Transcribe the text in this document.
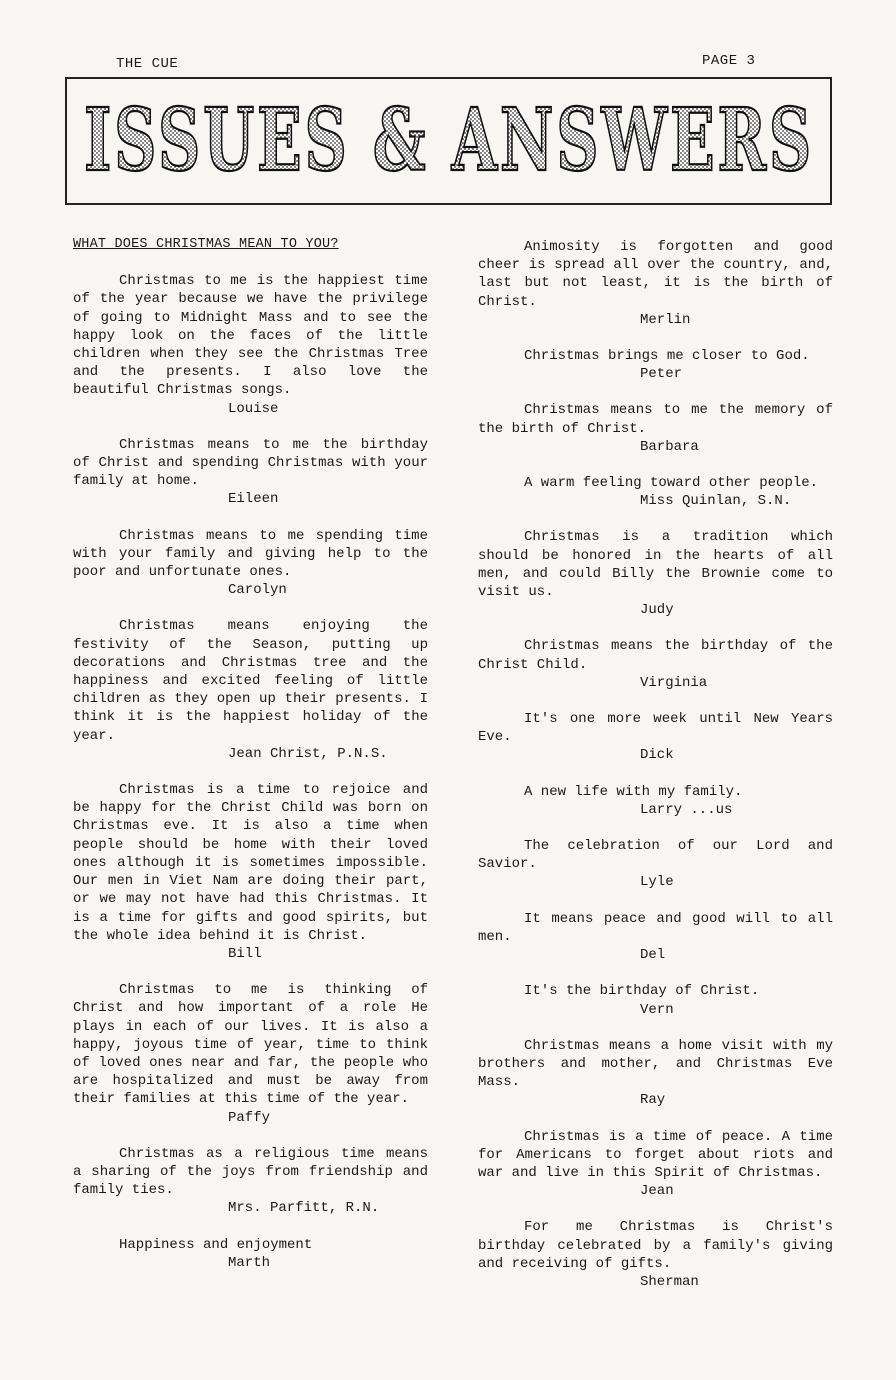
THE CUE	PAGE 3
ISSUES & ANSWERS
WHAT DOES CHRISTMAS MEAN TO YOU?

Christmas to me is the happiest time of the year because we have the privilege of going to Midnight Mass and to see the happy look on the faces of the little children when they see the Christmas Tree and the presents. I also love the beautiful Christmas songs.

Louise

Christmas means to me the birthday of Christ and spending Christmas with your family at home.

Eileen

Christmas means to me spending time with your family and giving help to the poor and unfortunate ones.

Carolyn

Christmas means enjoying the festivity of the Season, putting up decorations and Christmas tree and the happiness and excited feeling of little children as they open up their presents. I think it is the happiest holiday of the year.

Jean Christ, P.N.S.

Christmas is a time to rejoice and be happy for the Christ Child was born on Christmas eve. It is also a time when people should be home with their loved ones although it is sometimes impossible. Our men in Viet Nam are doing their part, or we may not have had this Christmas. It is a time for gifts and good spirits, but the whole idea behind it is Christ.

Bill

Christmas to me is thinking of Christ and how important of a role He plays in each of our lives. It is also a happy, joyous time of year, time to think of loved ones near and far, the people who are hospitalized and must be away from their families at this time of the year.

Paffy

Christmas as a religious time means a sharing of the joys from friendship and family ties.

Mrs. Parfitt, R.N.

Happiness and enjoyment

Marth

Animosity is forgotten and good cheer is spread all over the country, and, last but not least, it is the birth of Christ.

Merlin

Christmas brings me closer to God.

Peter

Christmas means to me the memory of the birth of Christ.

Barbara

A warm feeling toward other people.

Miss Quinlan, S.N.

Christmas is a tradition which should be honored in the hearts of all men, and could Billy the Brownie come to visit us.

Judy

Christmas means the birthday of the Christ Child.

Virginia

It's one more week until New Years Eve.

Dick

A new life with my family.

Larry ...us

The celebration of our Lord and Savior.

Lyle

It means peace and good will to all men.

Del

It's the birthday of Christ.

Vern

Christmas means a home visit with my brothers and mother, and Christmas Eve Mass.

Ray

Christmas is a time of peace. A time for Americans to forget about riots and war and live in this Spirit of Christmas.

Jean

For me Christmas is Christ's birthday celebrated by a family's giving and receiving of gifts.

Sherman
